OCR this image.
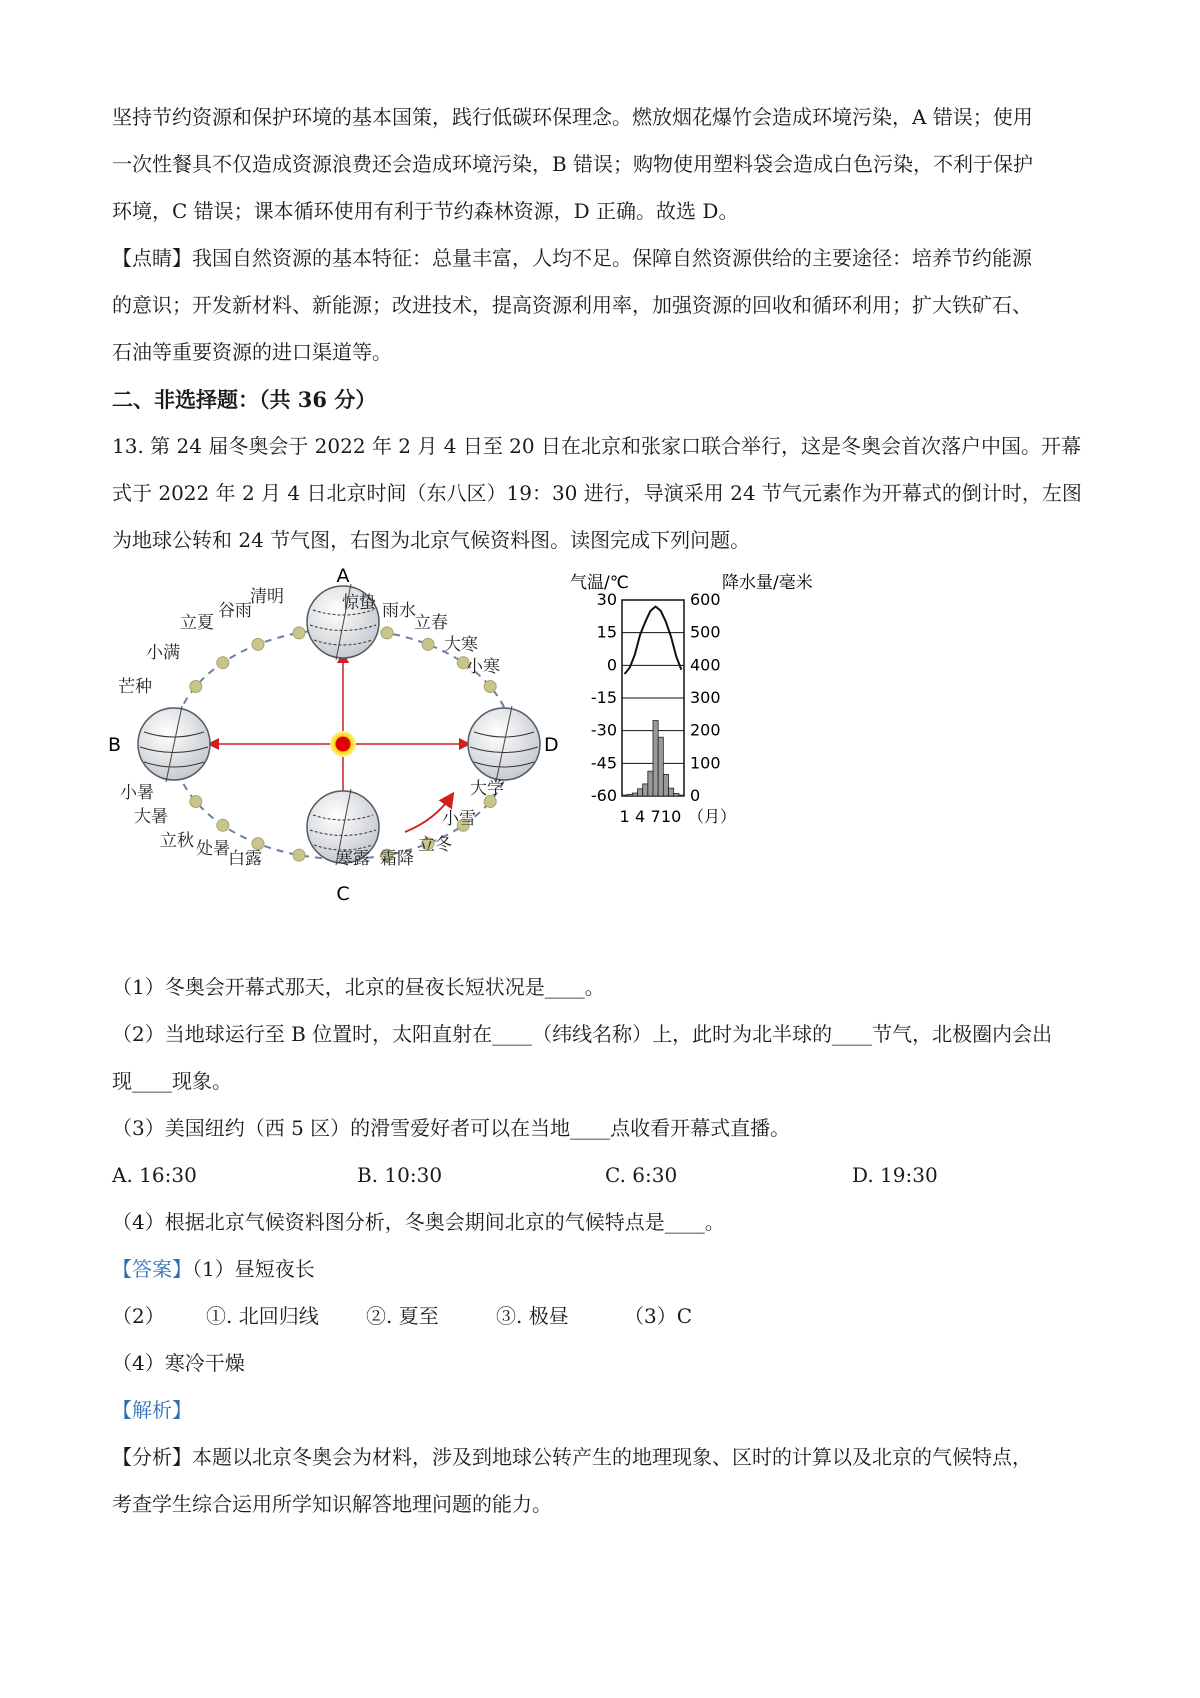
坚持节约资源和保护环境的基本国策，践行低碳环保理念。燃放烟花爆竹会造成环境污染，A 错误；使用

一次性餐具不仅造成资源浪费还会造成环境污染，B 错误；购物使用塑料袋会造成白色污染，不利于保护

环境，C 错误；课本循环使用有利于节约森林资源，D 正确。故选 D。

【点睛】我国自然资源的基本特征：总量丰富，人均不足。保障自然资源供给的主要途径：培养节约能源

的意识；开发新材料、新能源；改进技术，提高资源利用率，加强资源的回收和循环利用；扩大铁矿石、

石油等重要资源的进口渠道等。

二、非选择题：（共 36 分）

13. 第 24 届冬奥会于 2022 年 2 月 4 日至 20 日在北京和张家口联合举行，这是冬奥会首次落户中国。开幕

式于 2022 年 2 月 4 日北京时间（东八区）19：30 进行，导演采用 24 节气元素作为开幕式的倒计时，左图

为地球公转和 24 节气图，右图为北京气候资料图。读图完成下列问题。

A
B
C
D
清明
谷雨
立夏
小满
芒种
惊蛰 雨水
立春
大寒
小寒
小暑
大暑
立秋 处暑
白露	寒露 霜降
立冬
小雪
大学
气温/℃	降水量/毫米
30
15
0
-15
-30
-45
-60
600
500
400
300
200
100
0
1 4 7 10 （月）

（1）冬奥会开幕式那天，北京的昼夜长短状况是____。

（2）当地球运行至 B 位置时，太阳直射在____（纬线名称）上，此时为北半球的____节气，北极圈内会出

现____现象。

（3）美国纽约（西 5 区）的滑雪爱好者可以在当地____点收看开幕式直播。

A. 16:30	B. 10:30	C. 6:30	D. 19:30

（4）根据北京气候资料图分析，冬奥会期间北京的气候特点是____。

【答案】（1）昼短夜长

（2） ①. 北回归线 ②. 夏至	③. 极昼	（3）C

（4）寒冷干燥

【解析】

【分析】本题以北京冬奥会为材料，涉及到地球公转产生的地理现象、区时的计算以及北京的气候特点，

考查学生综合运用所学知识解答地理问题的能力。
